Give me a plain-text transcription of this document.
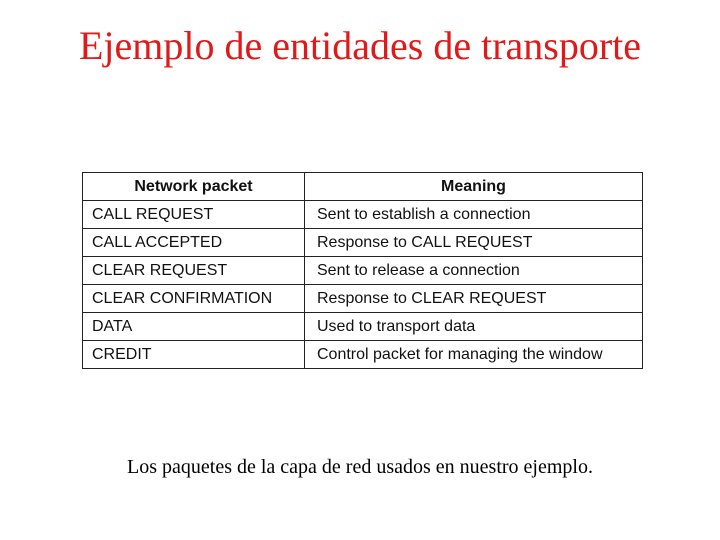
Ejemplo de entidades de transporte
Network packet	Meaning
CALL REQUEST	Sent to establish a connection
CALL ACCEPTED	Response to CALL REQUEST
CLEAR REQUEST	Sent to release a connection
CLEAR CONFIRMATION	Response to CLEAR REQUEST
DATA	Used to transport data
CREDIT	Control packet for managing the window
Los paquetes de la capa de red usados en nuestro ejemplo.
